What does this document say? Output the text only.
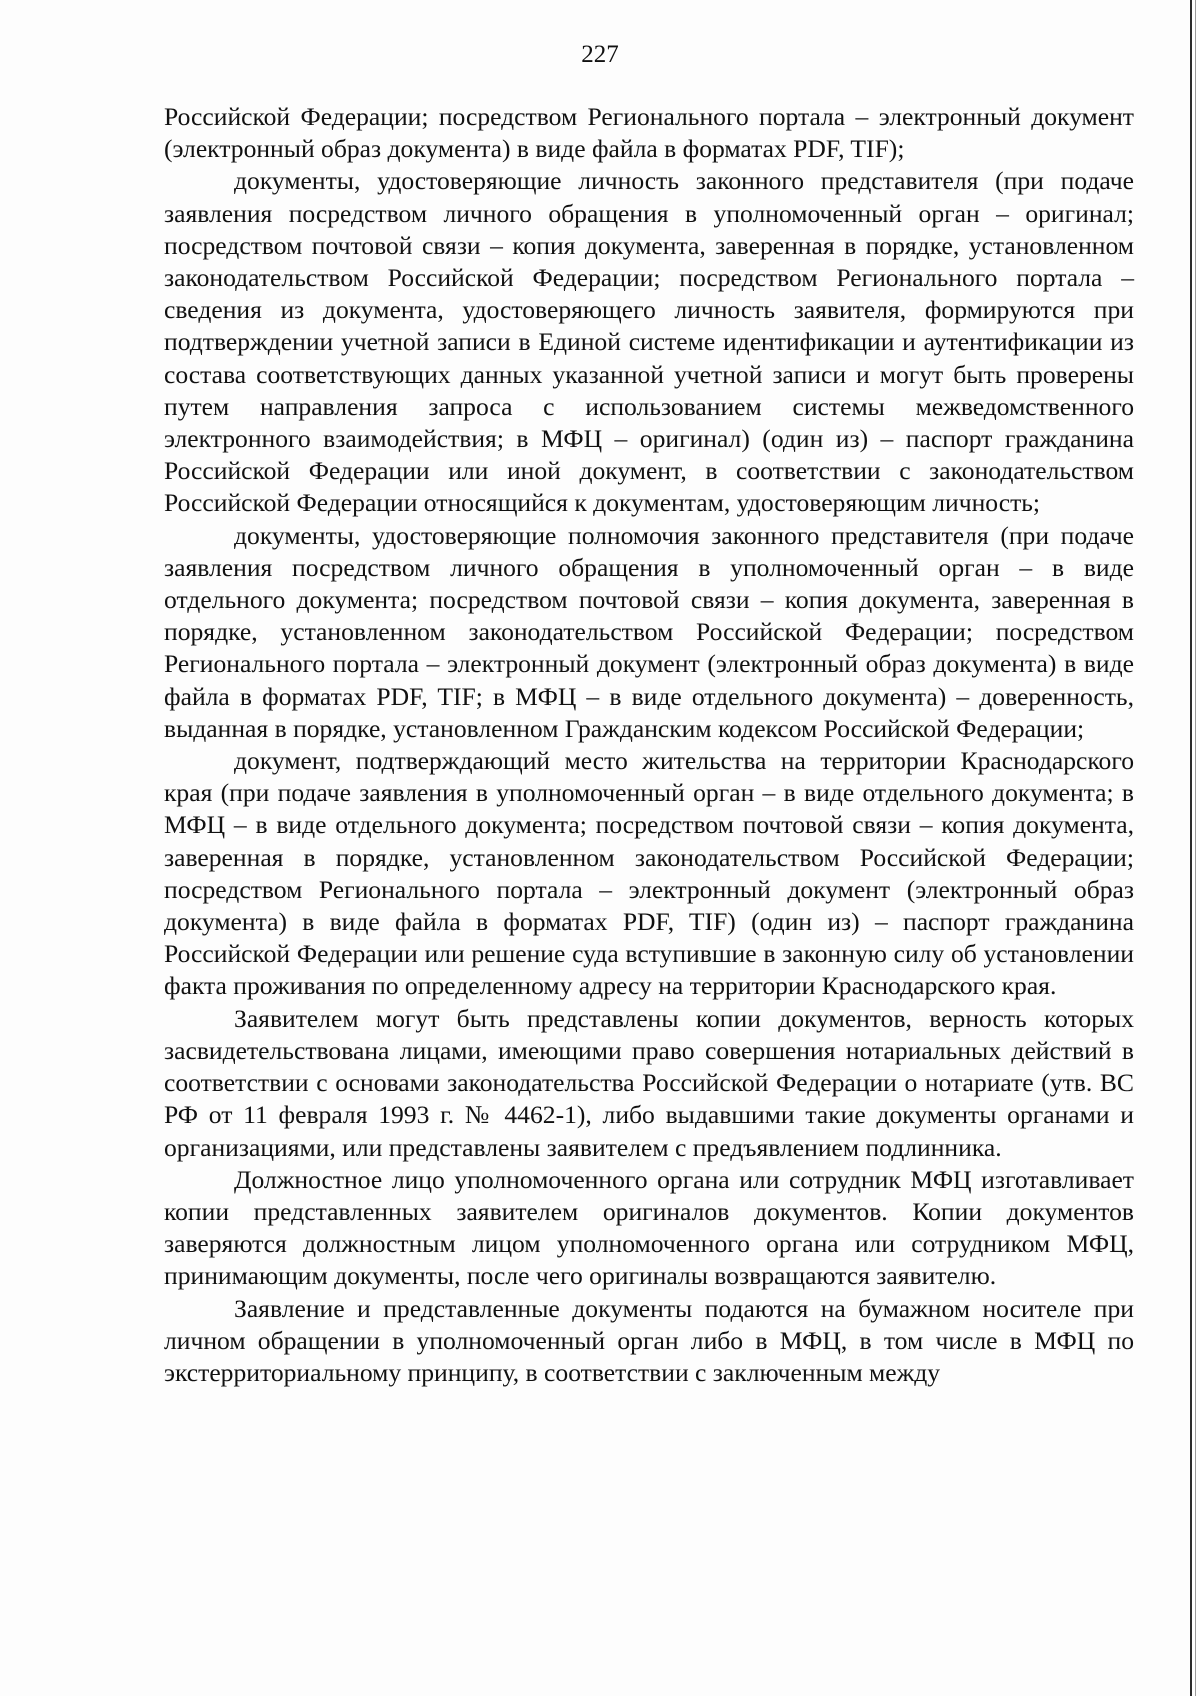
227

Российской Федерации; посредством Регионального портала – электронный документ (электронный образ документа) в виде файла в форматах PDF, TIF);

документы, удостоверяющие личность законного представителя (при подаче заявления посредством личного обращения в уполномоченный орган – оригинал; посредством почтовой связи – копия документа, заверенная в порядке, установленном законодательством Российской Федерации; посредством Регионального портала – сведения из документа, удостоверяющего личность заявителя, формируются при подтверждении учетной записи в Единой системе идентификации и аутентификации из состава соответствующих данных указанной учетной записи и могут быть проверены путем направления запроса с использованием системы межведомственного электронного взаимодействия; в МФЦ – оригинал) (один из) – паспорт гражданина Российской Федерации или иной документ, в соответствии с законодательством Российской Федерации относящийся к документам, удостоверяющим личность;

документы, удостоверяющие полномочия законного представителя (при подаче заявления посредством личного обращения в уполномоченный орган – в виде отдельного документа; посредством почтовой связи – копия документа, заверенная в порядке, установленном законодательством Российской Федерации; посредством Регионального портала – электронный документ (электронный образ документа) в виде файла в форматах PDF, TIF; в МФЦ – в виде отдельного документа) – доверенность, выданная в порядке, установленном Гражданским кодексом Российской Федерации;

документ, подтверждающий место жительства на территории Краснодарского края (при подаче заявления в уполномоченный орган – в виде отдельного документа; в МФЦ – в виде отдельного документа; посредством почтовой связи – копия документа, заверенная в порядке, установленном законодательством Российской Федерации; посредством Регионального портала – электронный документ (электронный образ документа) в виде файла в форматах PDF, TIF) (один из) – паспорт гражданина Российской Федерации или решение суда вступившие в законную силу об установлении факта проживания по определенному адресу на территории Краснодарского края.

Заявителем могут быть представлены копии документов, верность которых засвидетельствована лицами, имеющими право совершения нотариальных действий в соответствии с основами законодательства Российской Федерации о нотариате (утв. ВС РФ от 11 февраля 1993 г. № 4462-1), либо выдавшими такие документы органами и организациями, или представлены заявителем с предъявлением подлинника.

Должностное лицо уполномоченного органа или сотрудник МФЦ изготавливает копии представленных заявителем оригиналов документов. Копии документов заверяются должностным лицом уполномоченного органа или сотрудником МФЦ, принимающим документы, после чего оригиналы возвращаются заявителю.

Заявление и представленные документы подаются на бумажном носителе при личном обращении в уполномоченный орган либо в МФЦ, в том числе в МФЦ по экстерриториальному принципу, в соответствии с заключенным между
